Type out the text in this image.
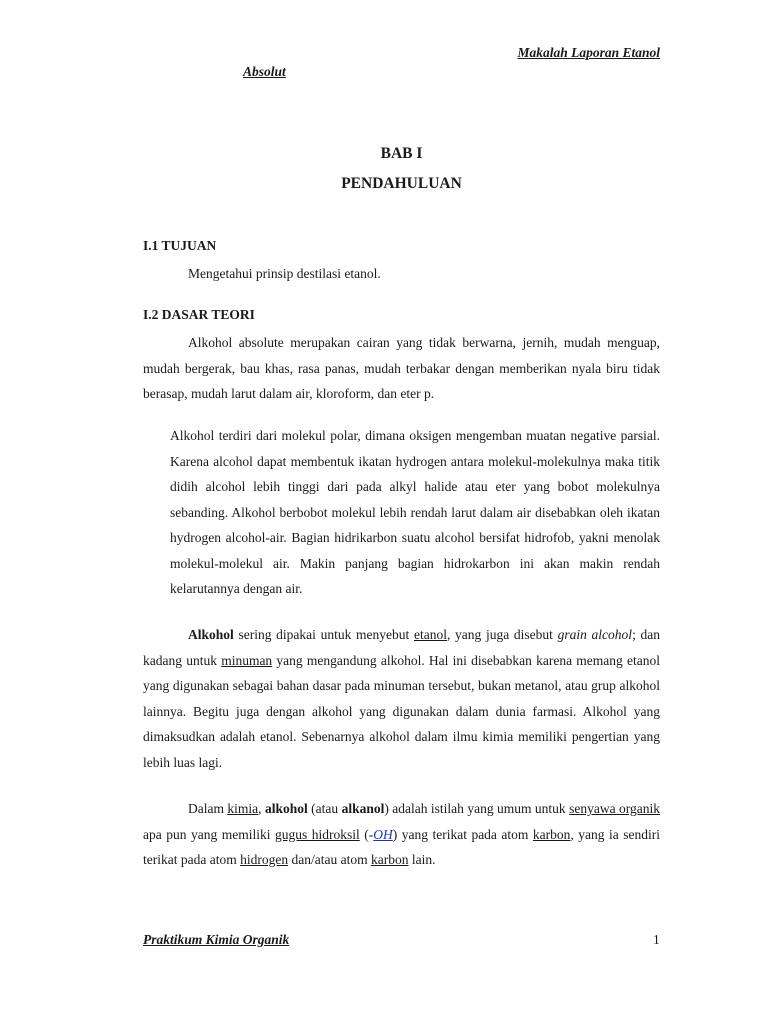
Makalah Laporan Etanol
Absolut
BAB I
PENDAHULUAN
I.1 TUJUAN
Mengetahui prinsip destilasi etanol.
I.2 DASAR TEORI
Alkohol absolute merupakan cairan yang tidak berwarna, jernih, mudah menguap, mudah bergerak, bau khas, rasa panas, mudah terbakar dengan memberikan nyala biru tidak berasap, mudah larut dalam air, kloroform, dan eter p.
Alkohol terdiri dari molekul polar, dimana oksigen mengemban muatan negative parsial. Karena alcohol dapat membentuk ikatan hydrogen antara molekul-molekulnya maka titik didih alcohol lebih tinggi dari pada alkyl halide atau eter yang bobot molekulnya sebanding. Alkohol berbobot molekul lebih rendah larut dalam air disebabkan oleh ikatan hydrogen alcohol-air. Bagian hidrikarbon suatu alcohol bersifat hidrofob, yakni menolak molekul-molekul air. Makin panjang bagian hidrokarbon ini akan makin rendah kelarutannya dengan air.
Alkohol sering dipakai untuk menyebut etanol, yang juga disebut grain alcohol; dan kadang untuk minuman yang mengandung alkohol. Hal ini disebabkan karena memang etanol yang digunakan sebagai bahan dasar pada minuman tersebut, bukan metanol, atau grup alkohol lainnya. Begitu juga dengan alkohol yang digunakan dalam dunia farmasi. Alkohol yang dimaksudkan adalah etanol. Sebenarnya alkohol dalam ilmu kimia memiliki pengertian yang lebih luas lagi.
Dalam kimia, alkohol (atau alkanol) adalah istilah yang umum untuk senyawa organik apa pun yang memiliki gugus hidroksil (-OH) yang terikat pada atom karbon, yang ia sendiri terikat pada atom hidrogen dan/atau atom karbon lain.
Praktikum Kimia Organik	1
